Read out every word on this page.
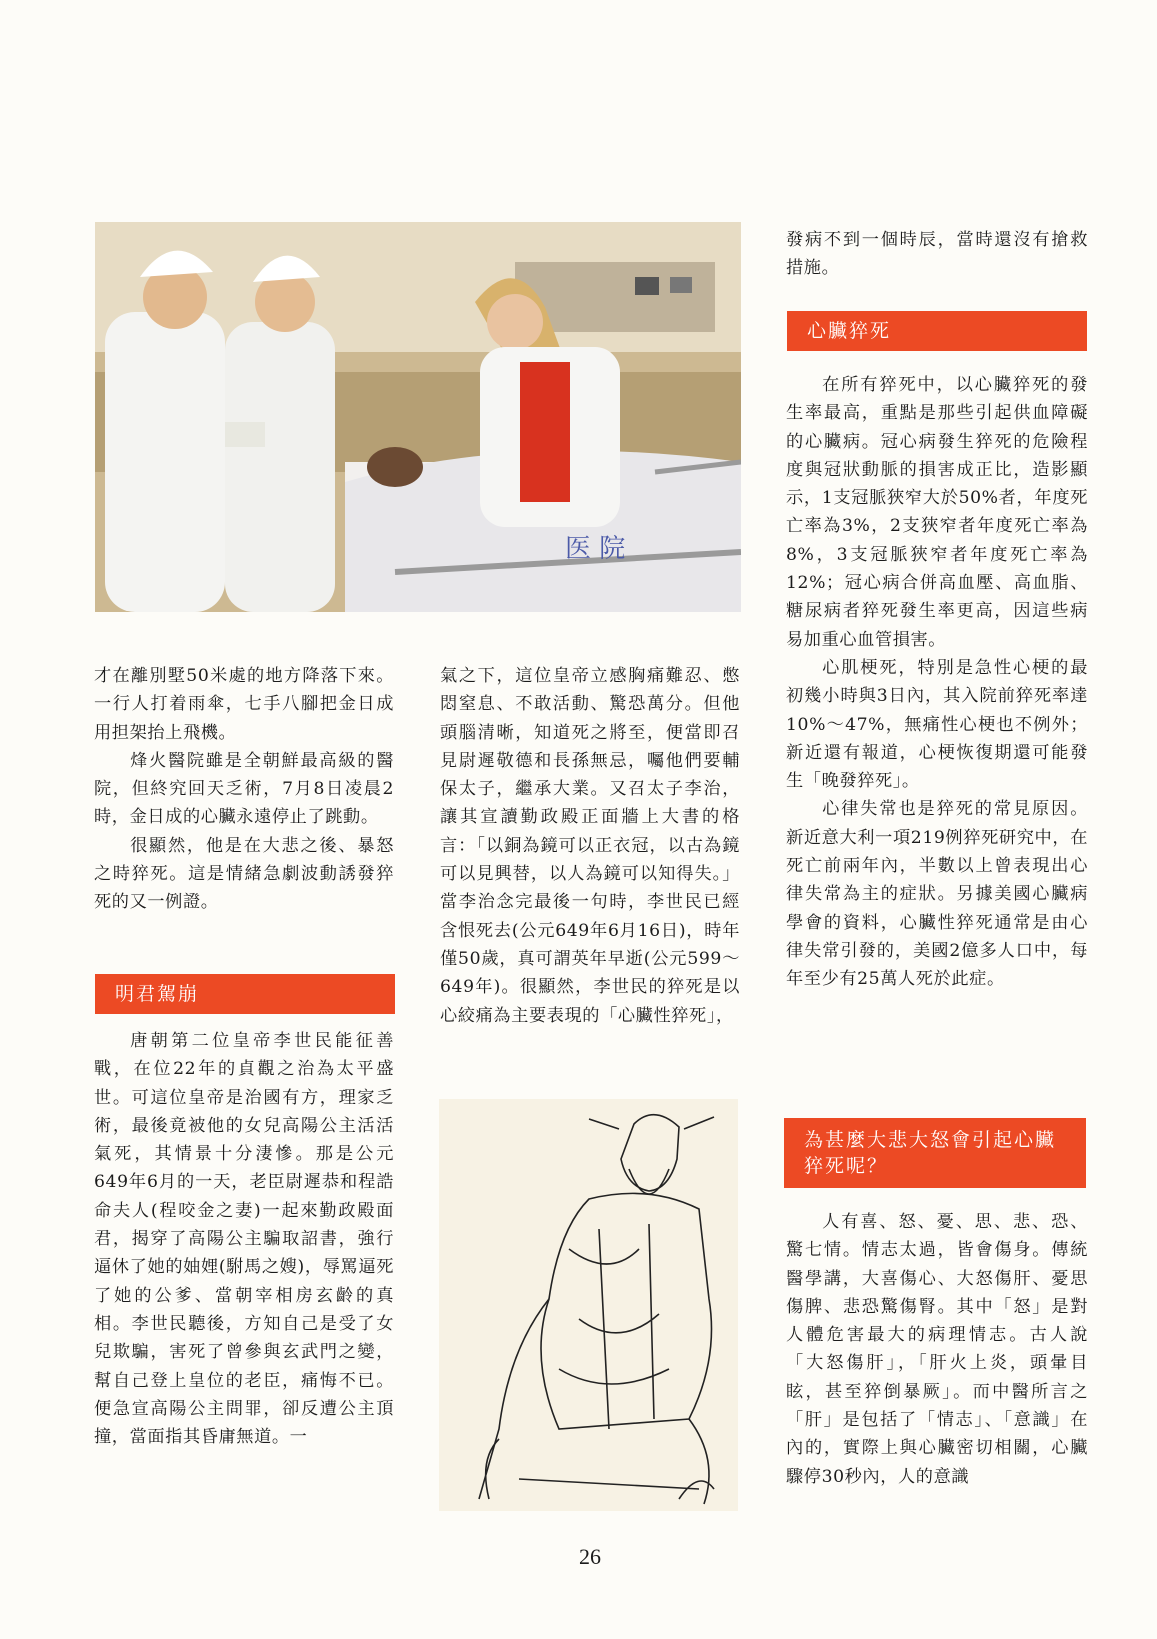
医 院

才在離別墅50米處的地方降落下來。一行人打着雨傘，七手八腳把金日成用担架抬上飛機。

烽火醫院雖是全朝鮮最高級的醫院，但終究回天乏術，7月8日凌晨2時，金日成的心臟永遠停止了跳動。

很顯然，他是在大悲之後、暴怒之時猝死。這是情緒急劇波動誘發猝死的又一例證。

明君駕崩

唐朝第二位皇帝李世民能征善戰，在位22年的貞觀之治為太平盛世。可這位皇帝是治國有方，理家乏術，最後竟被他的女兒高陽公主活活氣死，其情景十分淒慘。那是公元649年6月的一天，老臣尉遲恭和程誥命夫人(程咬金之妻)一起來勤政殿面君，揭穿了高陽公主騙取詔書，強行逼休了她的妯娌(駙馬之嫂)，辱罵逼死了她的公爹、當朝宰相房玄齡的真相。李世民聽後，方知自己是受了女兒欺騙，害死了曾參與玄武門之變，幫自己登上皇位的老臣，痛悔不已。便急宣高陽公主問罪，卻反遭公主頂撞，當面指其昏庸無道。一

氣之下，這位皇帝立感胸痛難忍、憋悶窒息、不敢活動、驚恐萬分。但他頭腦清晰，知道死之將至，便當即召見尉遲敬德和長孫無忌，囑他們要輔保太子，繼承大業。又召太子李治，讓其宣讀勤政殿正面牆上大書的格言：「以銅為鏡可以正衣冠，以古為鏡可以見興替，以人為鏡可以知得失。」當李治念完最後一句時，李世民已經含恨死去(公元649年6月16日)，時年僅50歲，真可謂英年早逝(公元599～649年)。很顯然，李世民的猝死是以心絞痛為主要表現的「心臟性猝死」，

發病不到一個時辰，當時還沒有搶救措施。

心臟猝死

在所有猝死中，以心臟猝死的發生率最高，重點是那些引起供血障礙的心臟病。冠心病發生猝死的危險程度與冠狀動脈的損害成正比，造影顯示，1支冠脈狹窄大於50%者，年度死亡率為3%，2支狹窄者年度死亡率為8%，3支冠脈狹窄者年度死亡率為12%；冠心病合併高血壓、高血脂、糖尿病者猝死發生率更高，因這些病易加重心血管損害。

心肌梗死，特別是急性心梗的最初幾小時與3日內，其入院前猝死率達10%～47%，無痛性心梗也不例外；新近還有報道，心梗恢復期還可能發生「晚發猝死」。

心律失常也是猝死的常見原因。新近意大利一項219例猝死研究中，在死亡前兩年內，半數以上曾表現出心律失常為主的症狀。另據美國心臟病學會的資料，心臟性猝死通常是由心律失常引發的，美國2億多人口中，每年至少有25萬人死於此症。

為甚麼大悲大怒會引起心臟猝死呢？

人有喜、怒、憂、思、悲、恐、驚七情。情志太過，皆會傷身。傳統醫學講，大喜傷心、大怒傷肝、憂思傷脾、悲恐驚傷腎。其中「怒」是對人體危害最大的病理情志。古人說「大怒傷肝」，「肝火上炎，頭暈目眩，甚至猝倒暴厥」。而中醫所言之「肝」是包括了「情志」、「意識」在內的，實際上與心臟密切相關，心臟驟停30秒內，人的意識

26
